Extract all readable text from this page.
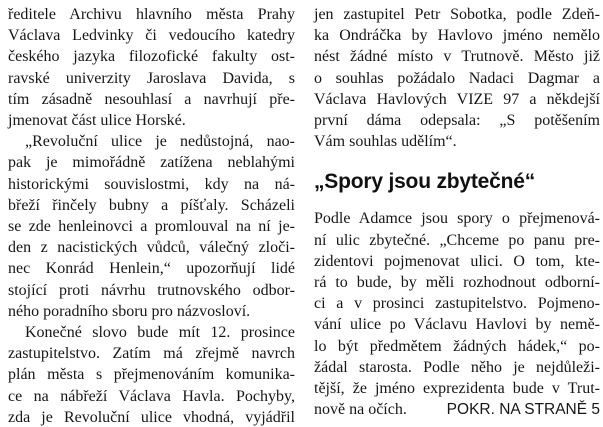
ředitele Archivu hlavního města Prahy
Václava Ledvinky či vedoucího katedry
českého jazyka filozofické fakulty ost-
ravské univerzity Jaroslava Davida, s
tím zásadně nesouhlasí a navrhují pře-
jmenovat část ulice Horské.
„Revoluční ulice je nedůstojná, nao-
pak je mimořádně zatížena neblahými
historickými souvislostmi, kdy na ná-
břeží řinčely bubny a píšťaly. Scházeli
se zde henleinovci a promlouval na ní je-
den z nacistických vůdců, válečný zloči-
nec Konrád Henlein,“ upozorňují lidé
stojící proti návrhu trutnovského odbor-
ného poradního sboru pro názvosloví.
Konečné slovo bude mít 12. prosince
zastupitelstvo. Zatím má zřejmě navrch
plán města s přejmenováním komunika-
ce na nábřeží Václava Havla. Pochyby,
zda je Revoluční ulice vhodná, vyjádřil
jen zastupitel Petr Sobotka, podle Zdeň-
ka Ondráčka by Havlovo jméno nemělo
nést žádné místo v Trutnově. Město již
o souhlas požádalo Nadaci Dagmar a
Václava Havlových VIZE 97 a někdejší
první dáma odepsala: „S potěšením
Vám souhlas udělím“.
„Spory jsou zbytečné“
Podle Adamce jsou spory o přejmenová-
ní ulic zbytečné. „Chceme po panu pre-
zidentovi pojmenovat ulici. O tom, kte-
rá to bude, by měli rozhodnout odborní-
ci a v prosinci zastupitelstvo. Pojmeno-
vání ulice po Václavu Havlovi by nemě-
lo být předmětem žádných hádek,“ po-
žádal starosta. Podle něho je nejdůleži-
tější, že jméno exprezidenta bude v Trut-
nově na očích.	POKR. NA STRANĚ 5
